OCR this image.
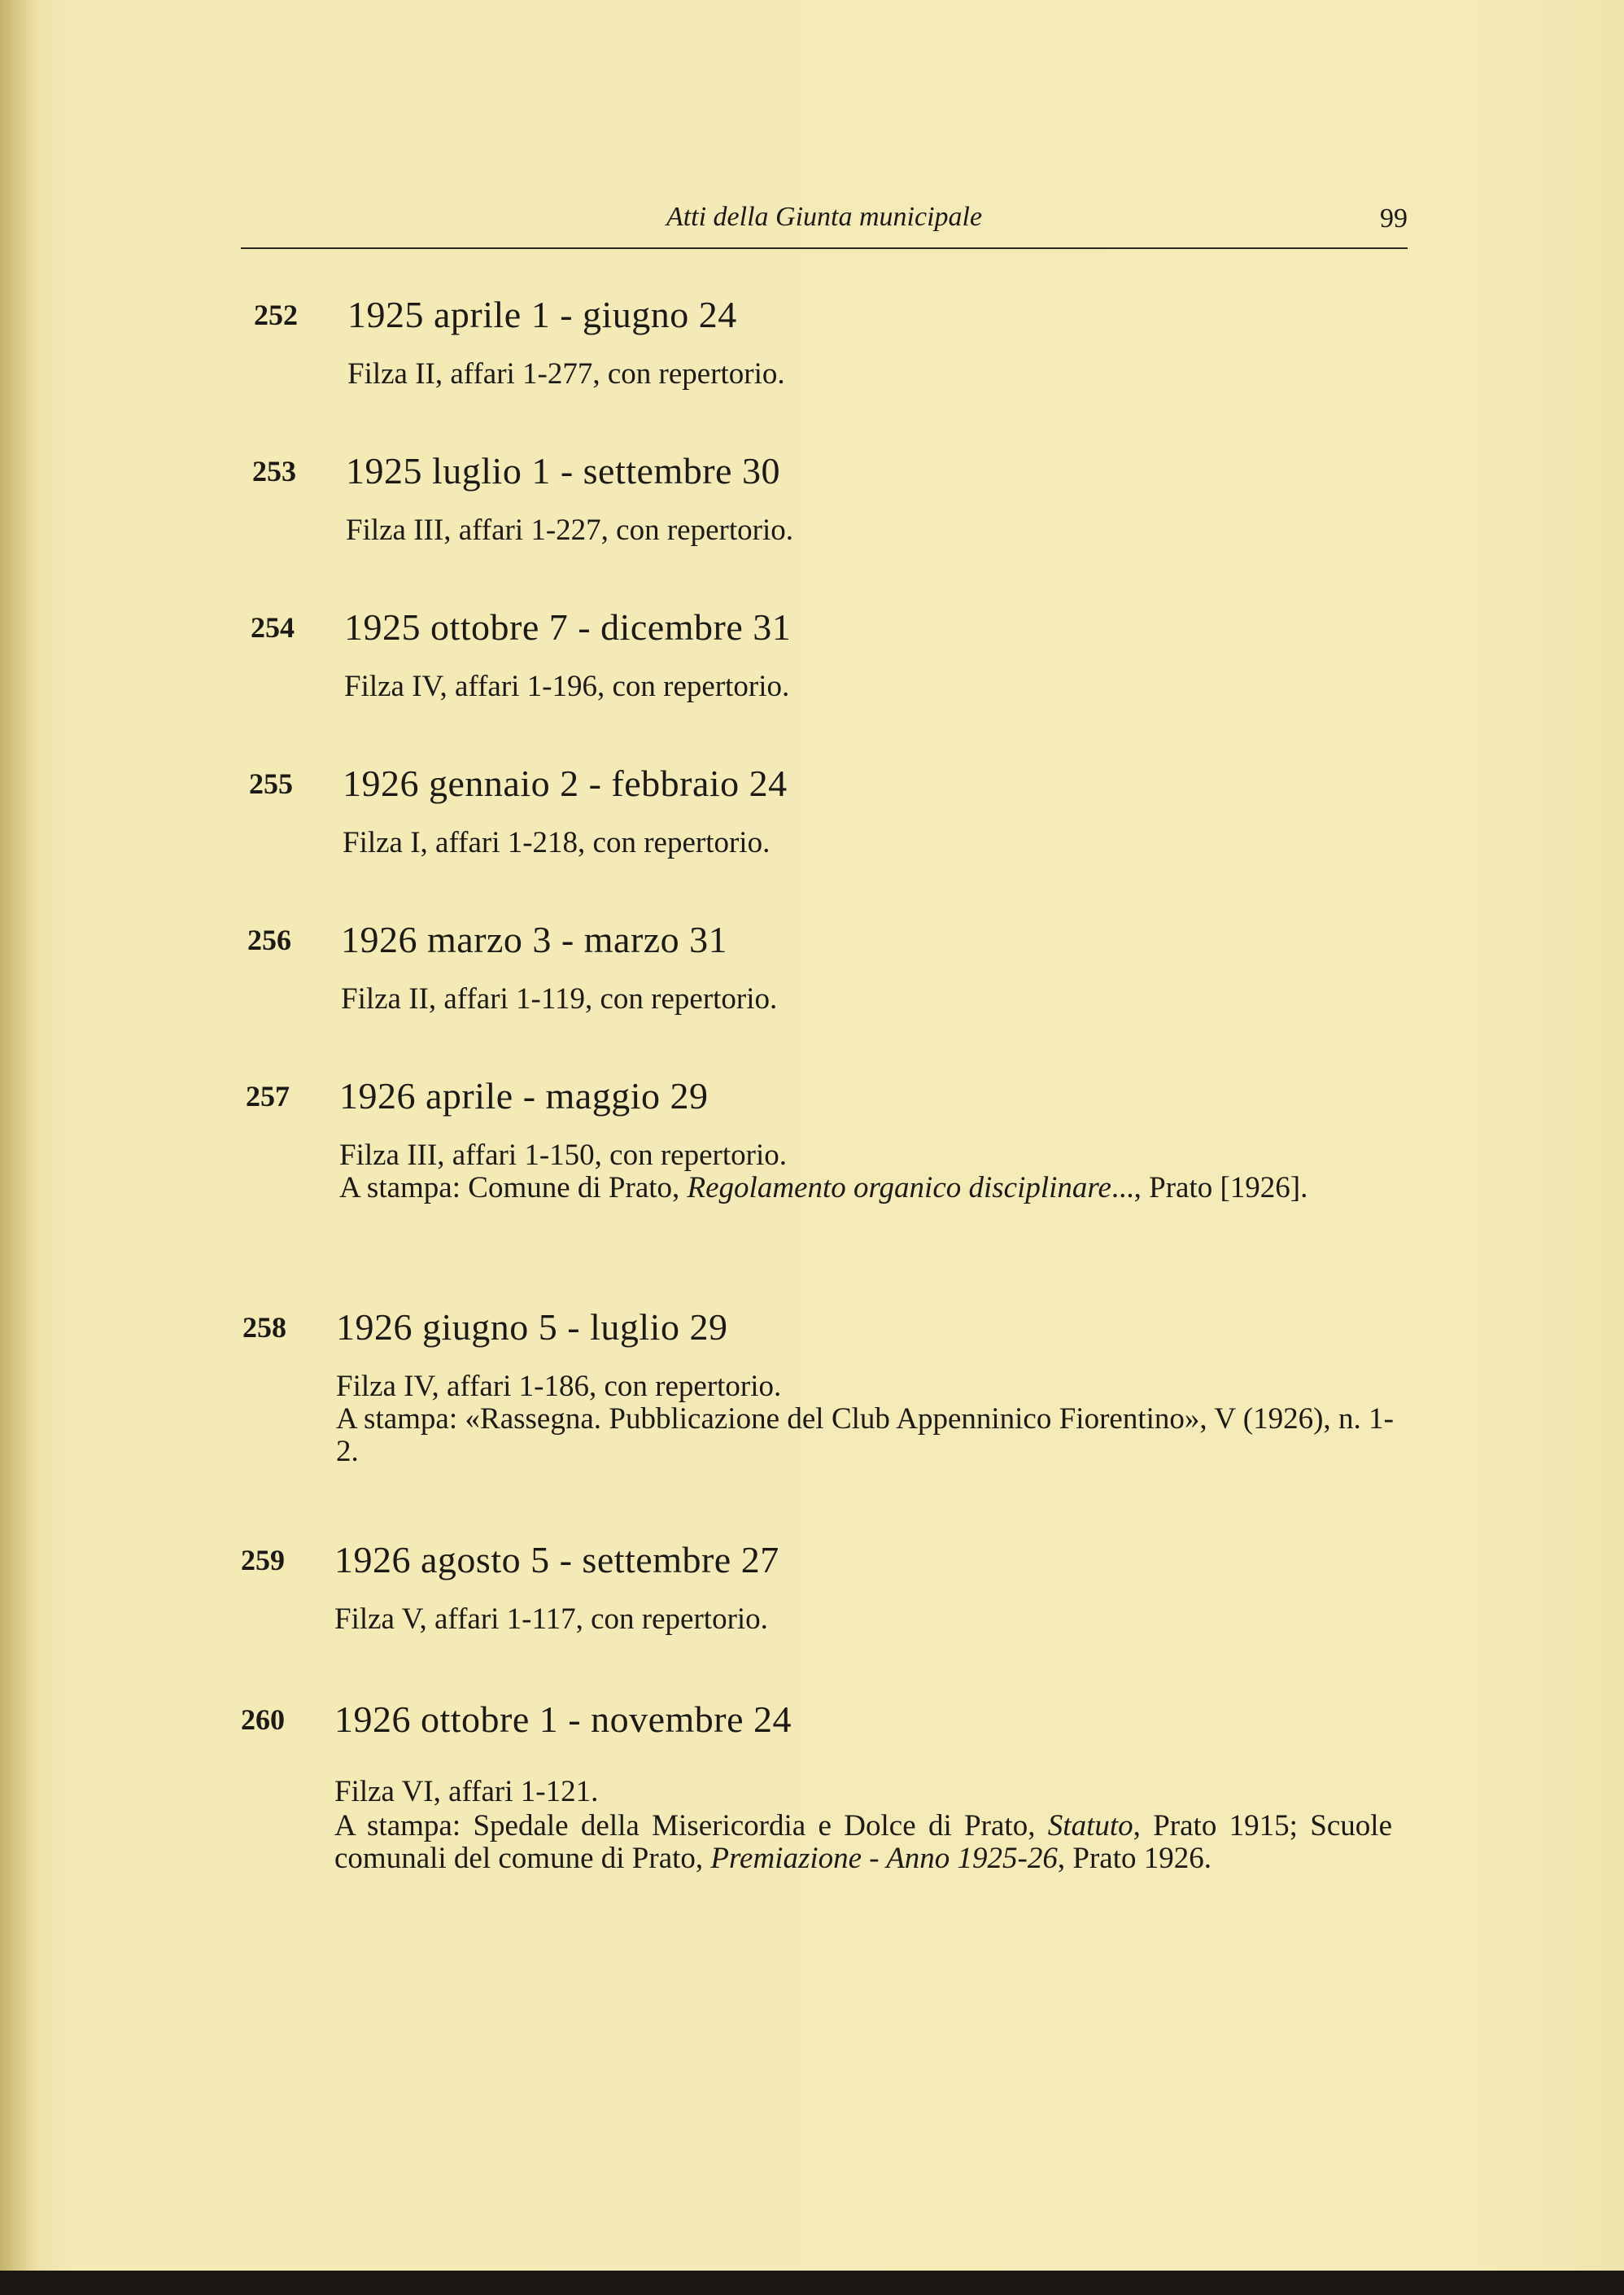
Atti della Giunta municipale	99
252 1925 aprile 1 - giugno 24
Filza II, affari 1-277, con repertorio.
253 1925 luglio 1 - settembre 30
Filza III, affari 1-227, con repertorio.
254 1925 ottobre 7 - dicembre 31
Filza IV, affari 1-196, con repertorio.
255 1926 gennaio 2 - febbraio 24
Filza I, affari 1-218, con repertorio.
256 1926 marzo 3 - marzo 31
Filza II, affari 1-119, con repertorio.
257 1926 aprile - maggio 29
Filza III, affari 1-150, con repertorio.
A stampa: Comune di Prato, Regolamento organico disciplinare..., Prato [1926].
258 1926 giugno 5 - luglio 29
Filza IV, affari 1-186, con repertorio.
A stampa: «Rassegna. Pubblicazione del Club Appenninico Fiorentino», V (1926), n. 1-2.
259 1926 agosto 5 - settembre 27
Filza V, affari 1-117, con repertorio.
260 1926 ottobre 1 - novembre 24
Filza VI, affari 1-121.
A stampa: Spedale della Misericordia e Dolce di Prato, Statuto, Prato 1915; Scuole comunali del comune di Prato, Premiazione - Anno 1925-26, Prato 1926.
